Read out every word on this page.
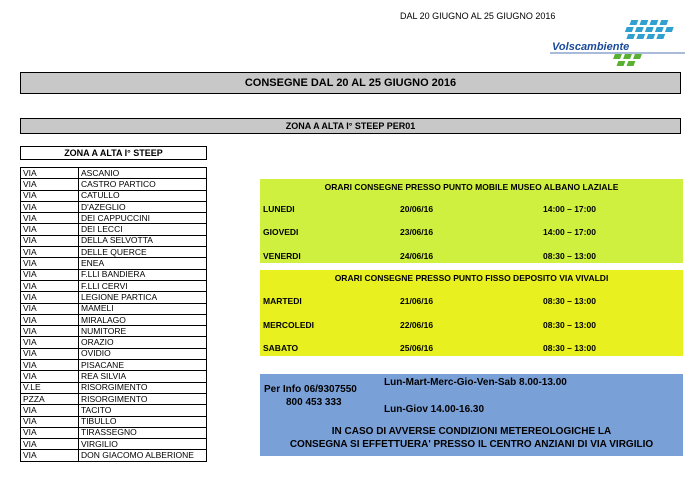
DAL 20 GIUGNO AL 25 GIUGNO 2016
Volscambiente
CONSEGNE DAL 20 AL 25 GIUGNO 2016
ZONA A ALTA I° STEEP PER01
ZONA A ALTA I° STEEP
VIA	ASCANIO
VIA	CASTRO PARTICO
VIA	CATULLO
VIA	D'AZEGLIO
VIA	DEI CAPPUCCINI
VIA	DEI LECCI
VIA	DELLA SELVOTTA
VIA	DELLE QUERCE
VIA	ENEA
VIA	F.LLI BANDIERA
VIA	F.LLI CERVI
VIA	LEGIONE PARTICA
VIA	MAMELI
VIA	MIRALAGO
VIA	NUMITORE
VIA	ORAZIO
VIA	OVIDIO
VIA	PISACANE
VIA	REA SILVIA
V.LE	RISORGIMENTO
PZZA	RISORGIMENTO
VIA	TACITO
VIA	TIBULLO
VIA	TIRASSEGNO
VIA	VIRGILIO
VIA	DON GIACOMO ALBERIONE
ORARI CONSEGNE PRESSO PUNTO MOBILE MUSEO ALBANO LAZIALE
LUNEDI	20/06/16	14:00 – 17:00
GIOVEDI	23/06/16	14:00 – 17:00
VENERDI	24/06/16	08:30 – 13:00
ORARI CONSEGNE PRESSO PUNTO FISSO DEPOSITO VIA VIVALDI
MARTEDI	21/06/16	08:30 – 13:00
MERCOLEDI	22/06/16	08:30 – 13:00
SABATO	25/06/16	08:30 – 13:00
Per Info 06/9307550
800 453 333
Lun-Mart-Merc-Gio-Ven-Sab 8.00-13.00
Lun-Giov 14.00-16.30
IN CASO DI AVVERSE CONDIZIONI METEREOLOGICHE LA
CONSEGNA SI EFFETTUERA' PRESSO IL CENTRO ANZIANI DI VIA VIRGILIO
